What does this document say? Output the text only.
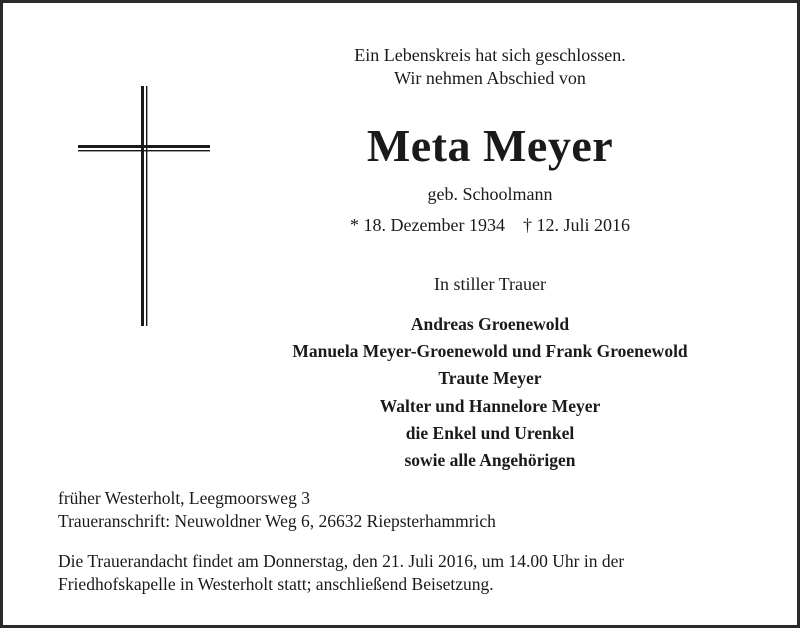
Ein Lebenskreis hat sich geschlossen.
Wir nehmen Abschied von
Meta Meyer
geb. Schoolmann
* 18. Dezember 1934 † 12. Juli 2016
In stiller Trauer
Andreas Groenewold
Manuela Meyer-Groenewold und Frank Groenewold
Traute Meyer
Walter und Hannelore Meyer
die Enkel und Urenkel
sowie alle Angehörigen
früher Westerholt, Leegmoorsweg 3
Traueranschrift: Neuwoldner Weg 6, 26632 Riepsterhammrich
Die Trauerandacht findet am Donnerstag, den 21. Juli 2016, um 14.00 Uhr in der
Friedhofskapelle in Westerholt statt; anschließend Beisetzung.
